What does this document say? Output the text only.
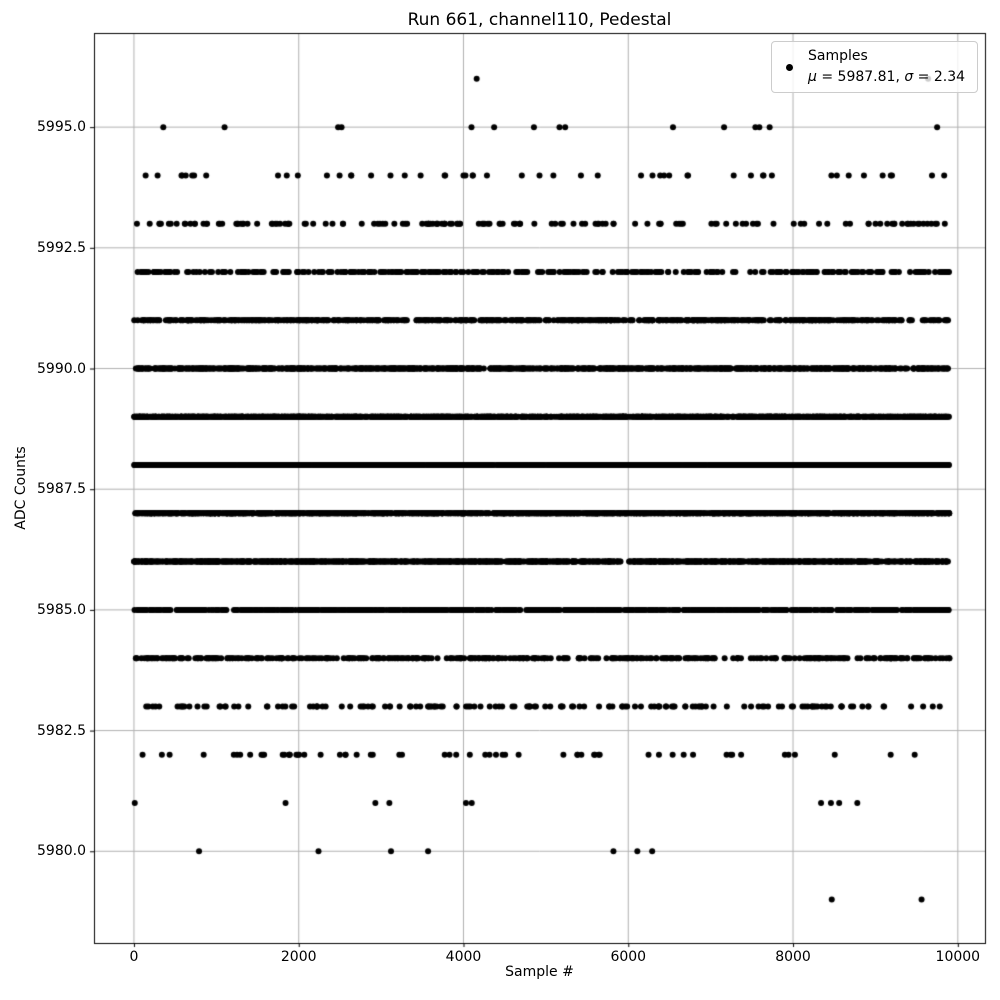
Run 661, channel110, Pedestal
Sample #
ADC Counts
0	2000	4000	6000	8000	10000
5980.0
5982.5
5985.0
5987.5
5990.0
5992.5
5995.0
Samples
μ = 5987.81, σ = 2.34
